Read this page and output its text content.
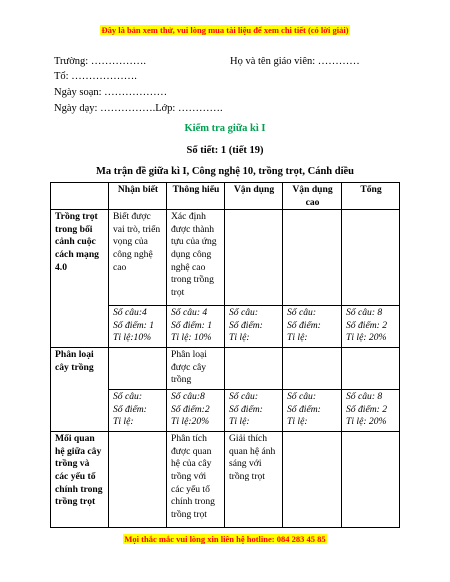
Đây là bản xem thử, vui lòng mua tài liệu để xem chi tiết (có lời giải)
Trường: …………….	Họ và tên giáo viên: …………
Tổ: ……………….
Ngày soạn: ………………
Ngày dạy: …………….Lớp: ………….
Kiểm tra giữa kì I
Số tiết: 1 (tiết 19)
Ma trận đề giữa kì I, Công nghệ 10, trồng trọt, Cánh diều
	Nhận biết	Thông hiểu	Vận dụng	Vận dụng cao	Tổng
Trồng trọt trong bối cảnh cuộc cách mạng 4.0	Biết được vai trò, triển vọng của công nghệ cao	Xác định được thành tựu của ứng dụng công nghệ cao trong trồng trọt			

	Số câu:4
Số điểm: 1
Tỉ lệ:10%	Số câu: 4
Số điểm: 1
Tỉ lệ: 10%	Số câu:
Số điểm:
Tỉ lệ:	Số câu:
Số điểm:
Tỉ lệ:	Số câu: 8
Số điểm: 2
Tỉ lệ: 20%

Phân loại cây trồng		Phân loại được cây trồng			

	Số câu:
Số điểm:
Tỉ lệ:	Số câu:8
Số điểm:2
Tỉ lệ:20%	Số câu:
Số điểm:
Tỉ lệ:	Số câu:
Số điểm:
Tỉ lệ:	Số câu: 8
Số điểm: 2
Tỉ lệ: 20%

Mối quan hệ giữa cây trồng và các yếu tố chính trong trồng trọt		Phân tích được quan hệ của cây trồng với các yếu tố chính trong trồng trọt	Giải thích quan hệ ánh sáng với trồng trọt		
Mọi thắc mắc vui lòng xin liên hệ hotline: 084 283 45 85
